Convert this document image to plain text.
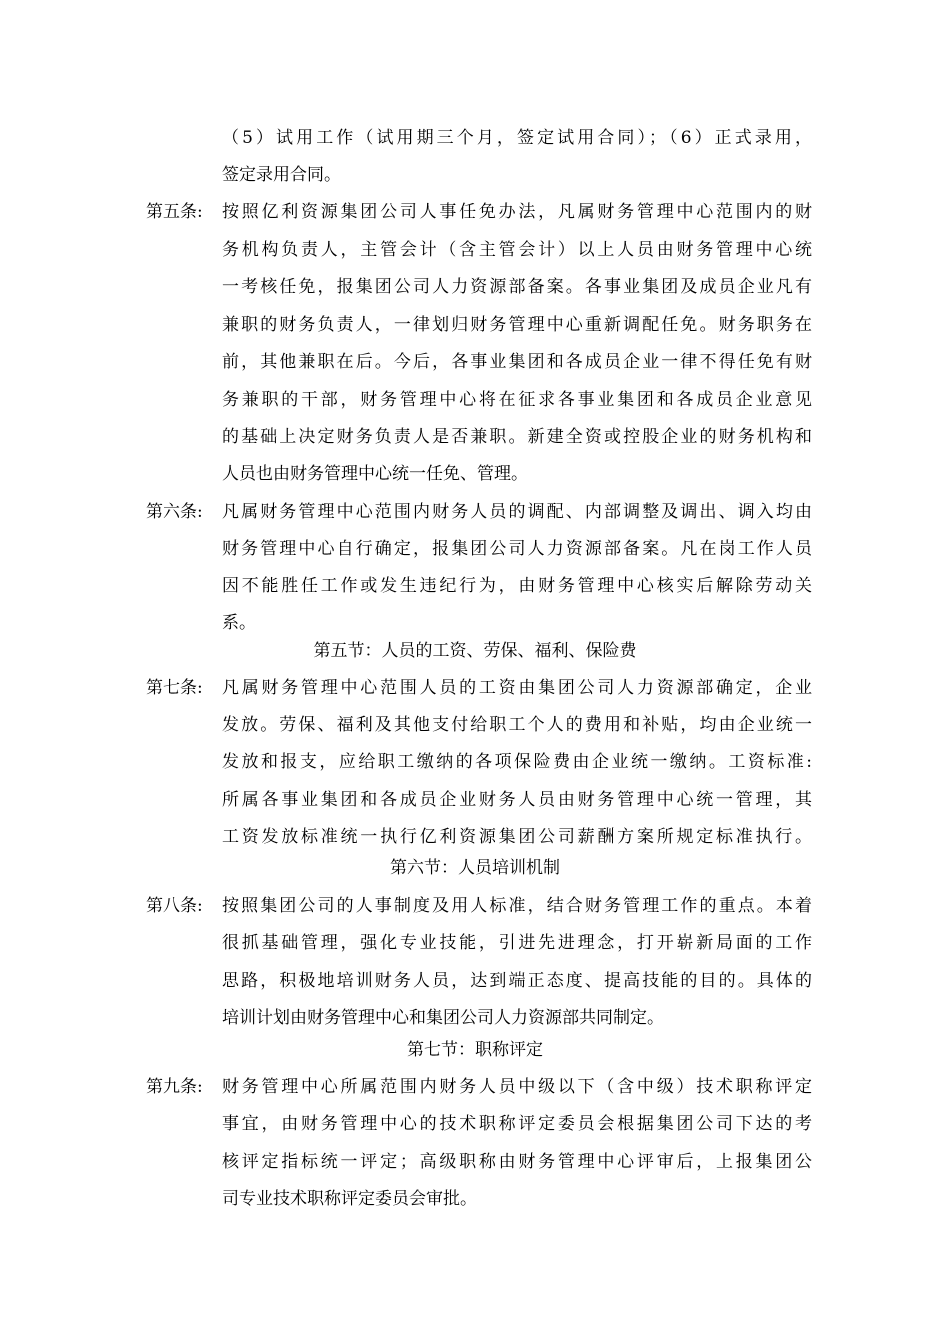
（5）试用工作（试用期三个月，签定试用合同）；（6）正式录用，
签定录用合同。
第五条: 按照亿利资源集团公司人事任免办法，凡属财务管理中心范围内的财
务机构负责人，主管会计（含主管会计）以上人员由财务管理中心统
一考核任免，报集团公司人力资源部备案。各事业集团及成员企业凡有
兼职的财务负责人，一律划归财务管理中心重新调配任免。财务职务在
前，其他兼职在后。今后，各事业集团和各成员企业一律不得任免有财
务兼职的干部，财务管理中心将在征求各事业集团和各成员企业意见
的基础上决定财务负责人是否兼职。新建全资或控股企业的财务机构和
人员也由财务管理中心统一任免、管理。
第六条: 凡属财务管理中心范围内财务人员的调配、内部调整及调出、调入均由
财务管理中心自行确定，报集团公司人力资源部备案。凡在岗工作人员
因不能胜任工作或发生违纪行为，由财务管理中心核实后解除劳动关
系。
第五节：人员的工资、劳保、福利、保险费
第七条: 凡属财务管理中心范围人员的工资由集团公司人力资源部确定，企业
发放。劳保、福利及其他支付给职工个人的费用和补贴，均由企业统一
发放和报支，应给职工缴纳的各项保险费由企业统一缴纳。工资标准:
所属各事业集团和各成员企业财务人员由财务管理中心统一管理，其
工资发放标准统一执行亿利资源集团公司薪酬方案所规定标准执行。
第六节：人员培训机制
第八条: 按照集团公司的人事制度及用人标准，结合财务管理工作的重点。本着
很抓基础管理，强化专业技能，引进先进理念，打开崭新局面的工作
思路，积极地培训财务人员，达到端正态度、提高技能的目的。具体的
培训计划由财务管理中心和集团公司人力资源部共同制定。
第七节：职称评定
第九条: 财务管理中心所属范围内财务人员中级以下（含中级）技术职称评定
事宜，由财务管理中心的技术职称评定委员会根据集团公司下达的考
核评定指标统一评定；高级职称由财务管理中心评审后，上报集团公
司专业技术职称评定委员会审批。
